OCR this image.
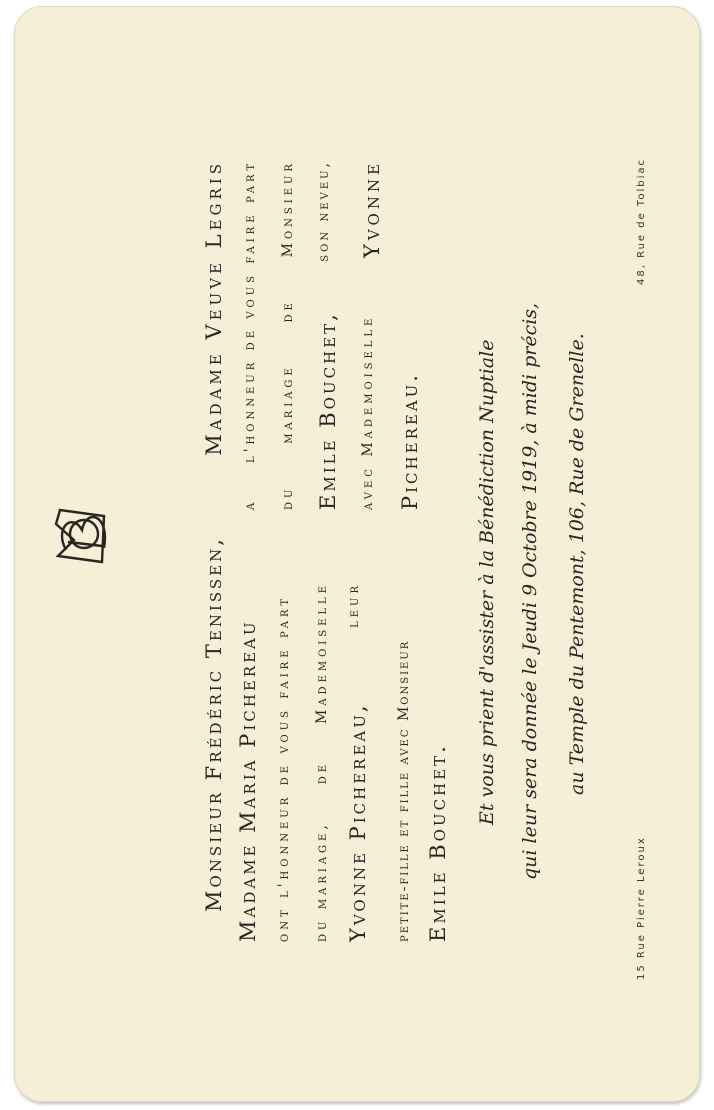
Monsieur Frédéric Tenissen, Madame Maria Pichereau ont l'honneur de vous faire part du mariage,
de
Mademoiselle
Yvonne Pichereau,
leur
petite-fille et fille avec Monsieur Emile Bouchet.
Madame Veuve Legris
a
l'honneur de vous faire part
du
mariage
de
Monsieur
Emile Bouchet,
son neveu,
avec Mademoiselle
Yvonne
Pichereau.	Et vous prient d'assister à la Bénédiction Nuptiale qui leur sera donnée le Jeudi 9 Octobre 1919, à midi précis, au Temple du Pentemont, 106, Rue de Grenelle.
15 Rue Pierre Leroux
48, Rue de Tolbiac
